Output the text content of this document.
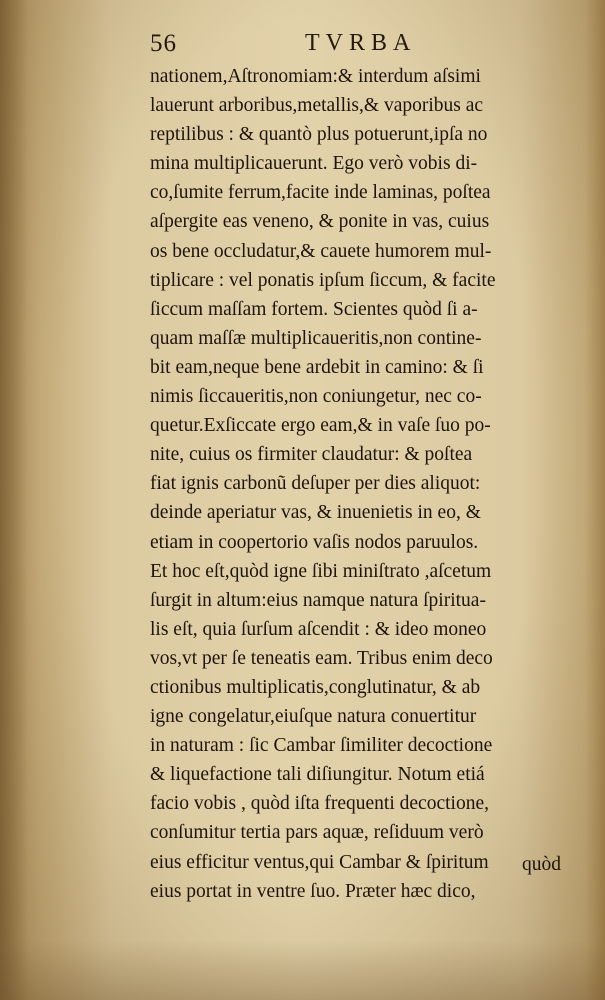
56	TVRBA
nationem,Aſtronomiam:& interdum aſsimi
lauerunt arboribus,metallis,& vaporibus ac
reptilibus : & quantò plus potuerunt,ipſa no
mina multiplicauerunt. Ego verò vobis di-
co,ſumite ferrum,facite inde laminas, poſtea
aſpergite eas veneno, & ponite in vas, cuius
os bene occludatur,& cauete humorem mul-
tiplicare : vel ponatis ipſum ſiccum, & facite
ſiccum maſſam fortem. Scientes quòd ſi a-
quam maſſæ multiplicaueritis,non contine-
bit eam,neque bene ardebit in camino: & ſi
nimis ſiccaueritis,non coniungetur, nec co-
quetur.Exſiccate ergo eam,& in vaſe ſuo po-
nite, cuius os firmiter claudatur: & poſtea
fiat ignis carbonũ deſuper per dies aliquot:
deinde aperiatur vas, & inuenietis in eo, &
etiam in coopertorio vaſis nodos paruulos.
Et hoc eſt,quòd igne ſibi miniſtrato ,aſcetum
ſurgit in altum:eius namque natura ſpiritua-
lis eſt, quia ſurſum aſcendit : & ideo moneo
vos,vt per ſe teneatis eam. Tribus enim deco
ctionibus multiplicatis,conglutinatur, & ab
igne congelatur,eiuſque natura conuertitur
in naturam : ſic Cambar ſimiliter decoctione
& liquefactione tali diſiungitur. Notum etiá
facio vobis , quòd iſta frequenti decoctione,
conſumitur tertia pars aquæ, reſiduum verò
eius efficitur ventus,qui Cambar & ſpiritum
eius portat in ventre ſuo. Præter hæc dico,
quòd
